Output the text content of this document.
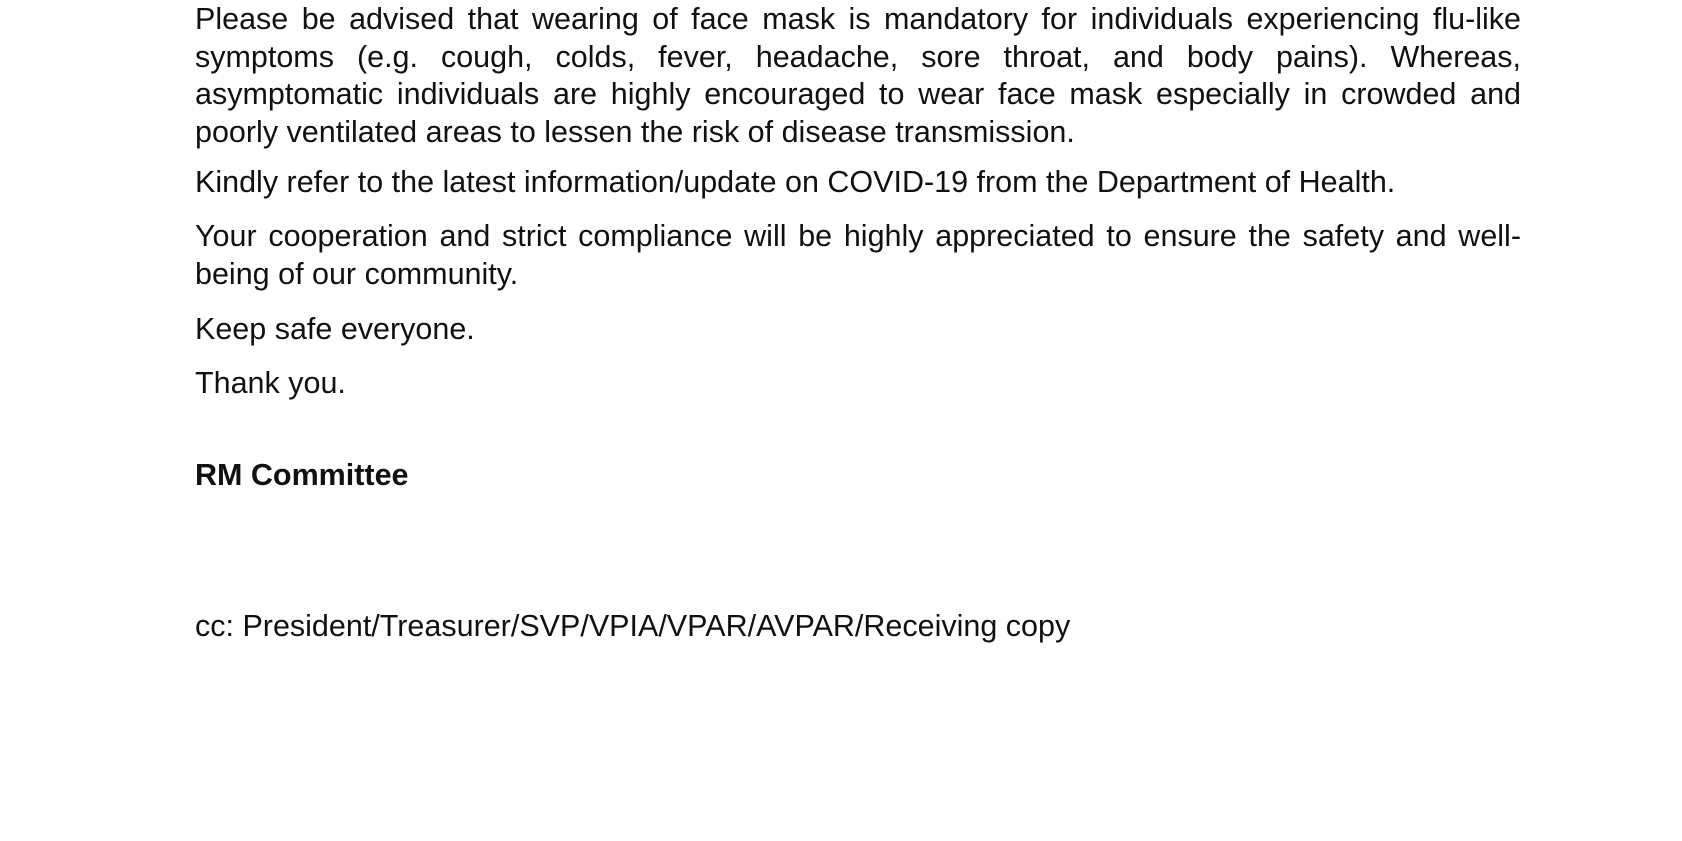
Please be advised that wearing of face mask is mandatory for individuals experiencing flu-like symptoms (e.g. cough, colds, fever, headache, sore throat, and body pains). Whereas, asymptomatic individuals are highly encouraged to wear face mask especially in crowded and poorly ventilated areas to lessen the risk of disease transmission.

Kindly refer to the latest information/update on COVID-19 from the Department of Health.

Your cooperation and strict compliance will be highly appreciated to ensure the safety and well-being of our community.

Keep safe everyone.

Thank you.

RM Committee

cc: President/Treasurer/SVP/VPIA/VPAR/AVPAR/Receiving copy
